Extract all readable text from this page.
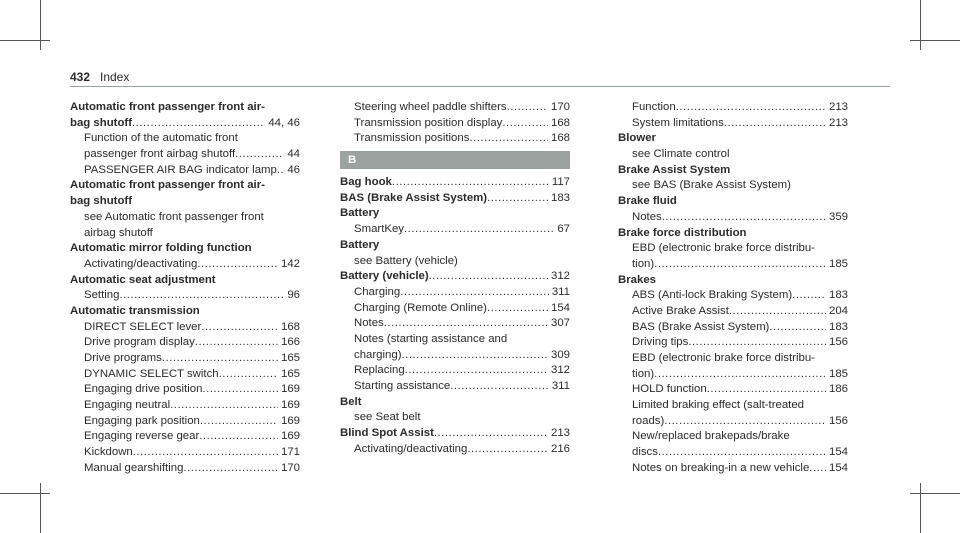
432 Index
Automatic front passenger front air-
bag shutoff .....	44, 46
Function of the automatic front
passenger front airbag shutoff .....	44
PASSENGER AIR BAG indicator lamp ..... 46
Automatic front passenger front air-
bag shutoff
see Automatic front passenger front
airbag shutoff
Automatic mirror folding function
Activating/deactivating .....	142
Automatic seat adjustment
Setting .....	96
Automatic transmission
DIRECT SELECT lever .....	168
Drive program display .....	166
Drive programs .....	165
DYNAMIC SELECT switch .....	165
Engaging drive position .....	169
Engaging neutral .....	169
Engaging park position .....	169
Engaging reverse gear .....	169
Kickdown .....	171
Manual gearshifting .....	170
Steering wheel paddle shifters .....	170
Transmission position display .....	168
Transmission positions .....	168
B
Bag hook .....	117
BAS (Brake Assist System) .....	183
Battery
SmartKey .....	67
Battery
see Battery (vehicle)
Battery (vehicle) .....	312
Charging .....	311
Charging (Remote Online) .....	154
Notes .....	307
Notes (starting assistance and
charging) .....	309
Replacing .....	312
Starting assistance .....	311
Belt
see Seat belt
Blind Spot Assist .....	213
Activating/deactivating .....	216
Function .....	213
System limitations .....	213
Blower
see Climate control
Brake Assist System
see BAS (Brake Assist System)
Brake fluid
Notes .....	359
Brake force distribution
EBD (electronic brake force distribu-
tion) .....	185
Brakes
ABS (Anti-lock Braking System) .....	183
Active Brake Assist .....	204
BAS (Brake Assist System) .....	183
Driving tips .....	156
EBD (electronic brake force distribu-
tion) .....	185
HOLD function .....	186
Limited braking effect (salt-treated
roads) .....	156
New/replaced brakepads/brake
discs .....	154
Notes on breaking-in a new vehicle ..... 154
